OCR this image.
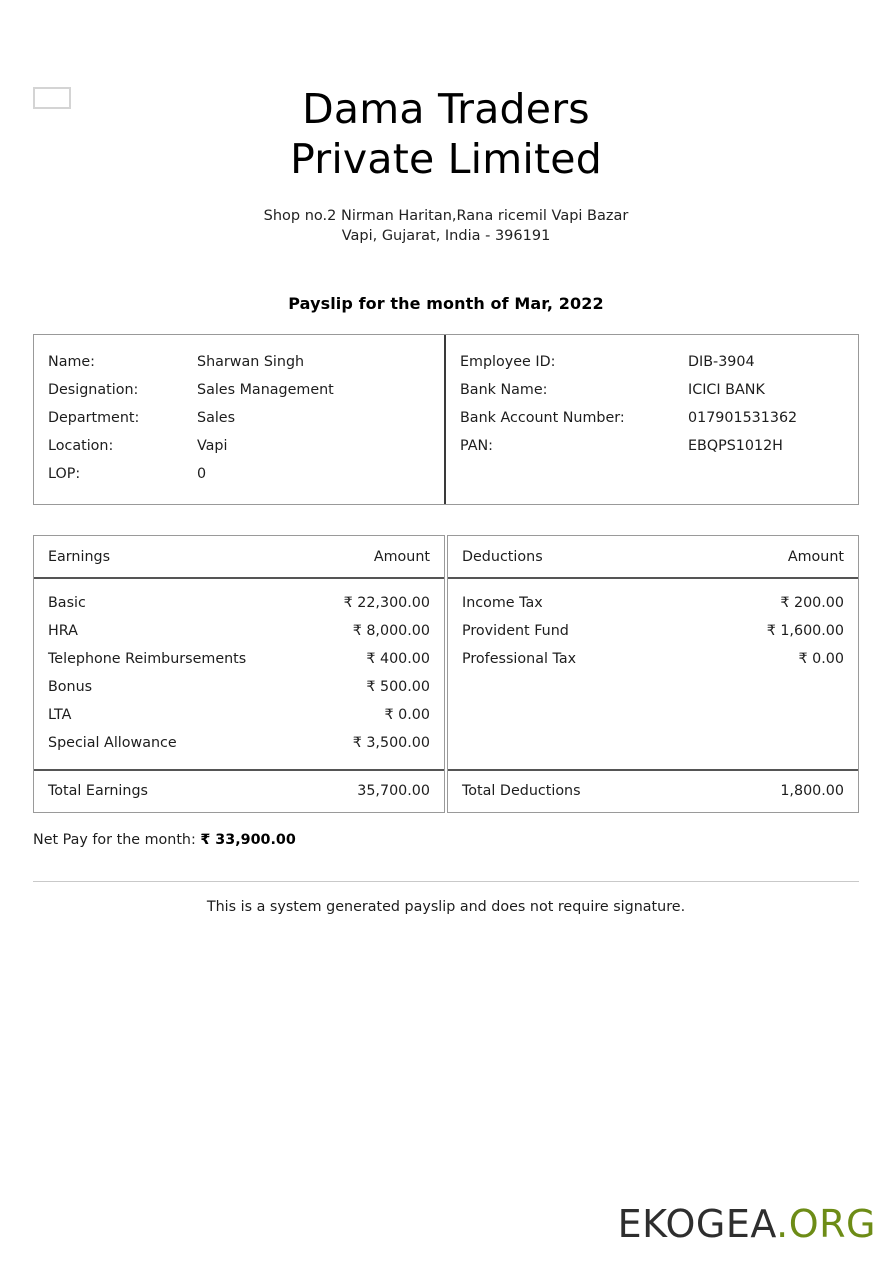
Dama Traders
Private Limited
Shop no.2 Nirman Haritan,Rana ricemil Vapi Bazar
Vapi, Gujarat, India - 396191
Payslip for the month of Mar, 2022
Name:	Sharwan Singh
Designation:	Sales Management
Department:	Sales
Location:	Vapi
LOP:	0
Employee ID:	DIB-3904
Bank Name:	ICICI BANK
Bank Account Number:	017901531362
PAN:	EBQPS1012H
Earnings	Amount
Basic	₹ 22,300.00
HRA	₹ 8,000.00
Telephone Reimbursements	₹ 400.00
Bonus	₹ 500.00
LTA	₹ 0.00
Special Allowance	₹ 3,500.00
Total Earnings	35,700.00
Deductions	Amount
Income Tax	₹ 200.00
Provident Fund	₹ 1,600.00
Professional Tax	₹ 0.00
Total Deductions	1,800.00
Net Pay for the month: ₹ 33,900.00
This is a system generated payslip and does not require signature.
EKOGEA.ORG
